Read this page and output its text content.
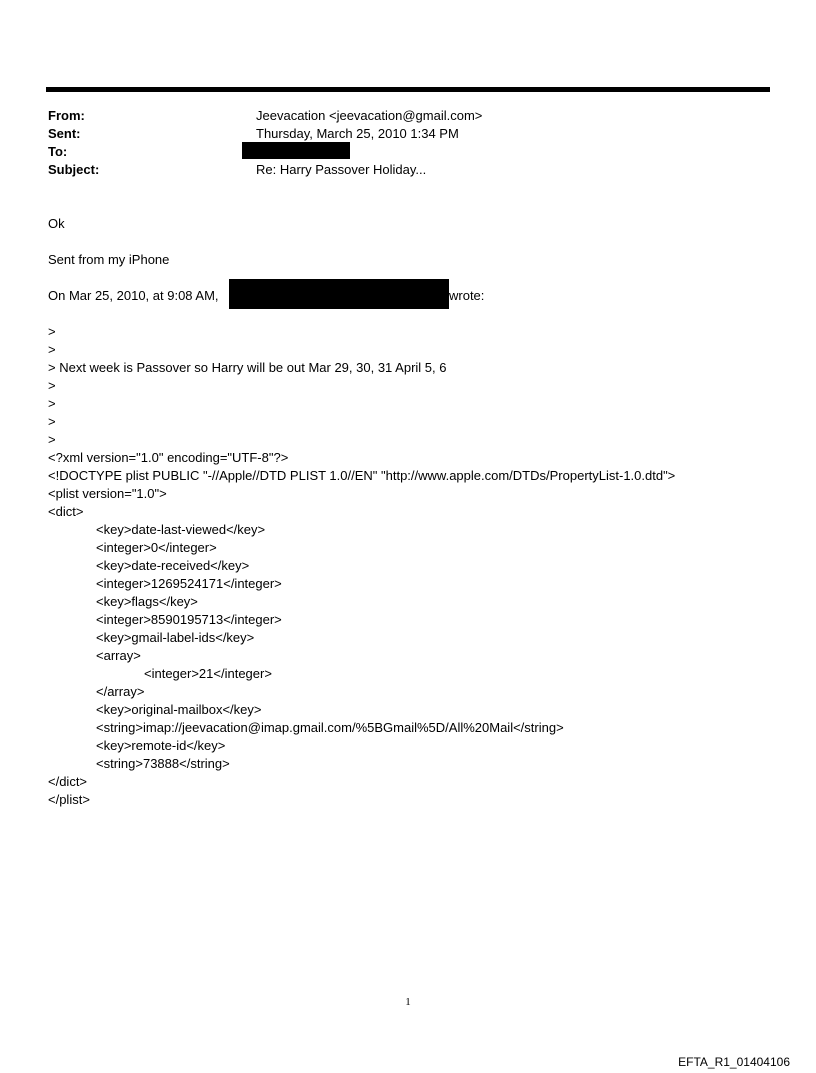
From:	Jeevacation <jeevacation@gmail.com>
Sent:	Thursday, March 25, 2010 1:34 PM
To:
Subject:	Re: Harry Passover Holiday...
Ok
Sent from my iPhone
On Mar 25, 2010, at 9:08 AM,	wrote:
>
>
> Next week is Passover so Harry will be out Mar 29, 30, 31 April 5, 6
>
>
>
>
<?xml version="1.0" encoding="UTF-8"?>
<!DOCTYPE plist PUBLIC "-//Apple//DTD PLIST 1.0//EN" "http://www.apple.com/DTDs/PropertyList-1.0.dtd">
<plist version="1.0">
<dict>
<key>date-last-viewed</key>
<integer>0</integer>
<key>date-received</key>
<integer>1269524171</integer>
<key>flags</key>
<integer>8590195713</integer>
<key>gmail-label-ids</key>
<array>
<integer>21</integer>
</array>
<key>original-mailbox</key>
<string>imap://jeevacation@imap.gmail.com/%5BGmail%5D/All%20Mail</string>
<key>remote-id</key>
<string>73888</string>
</dict>
</plist>
1
EFTA_R1_01404106
